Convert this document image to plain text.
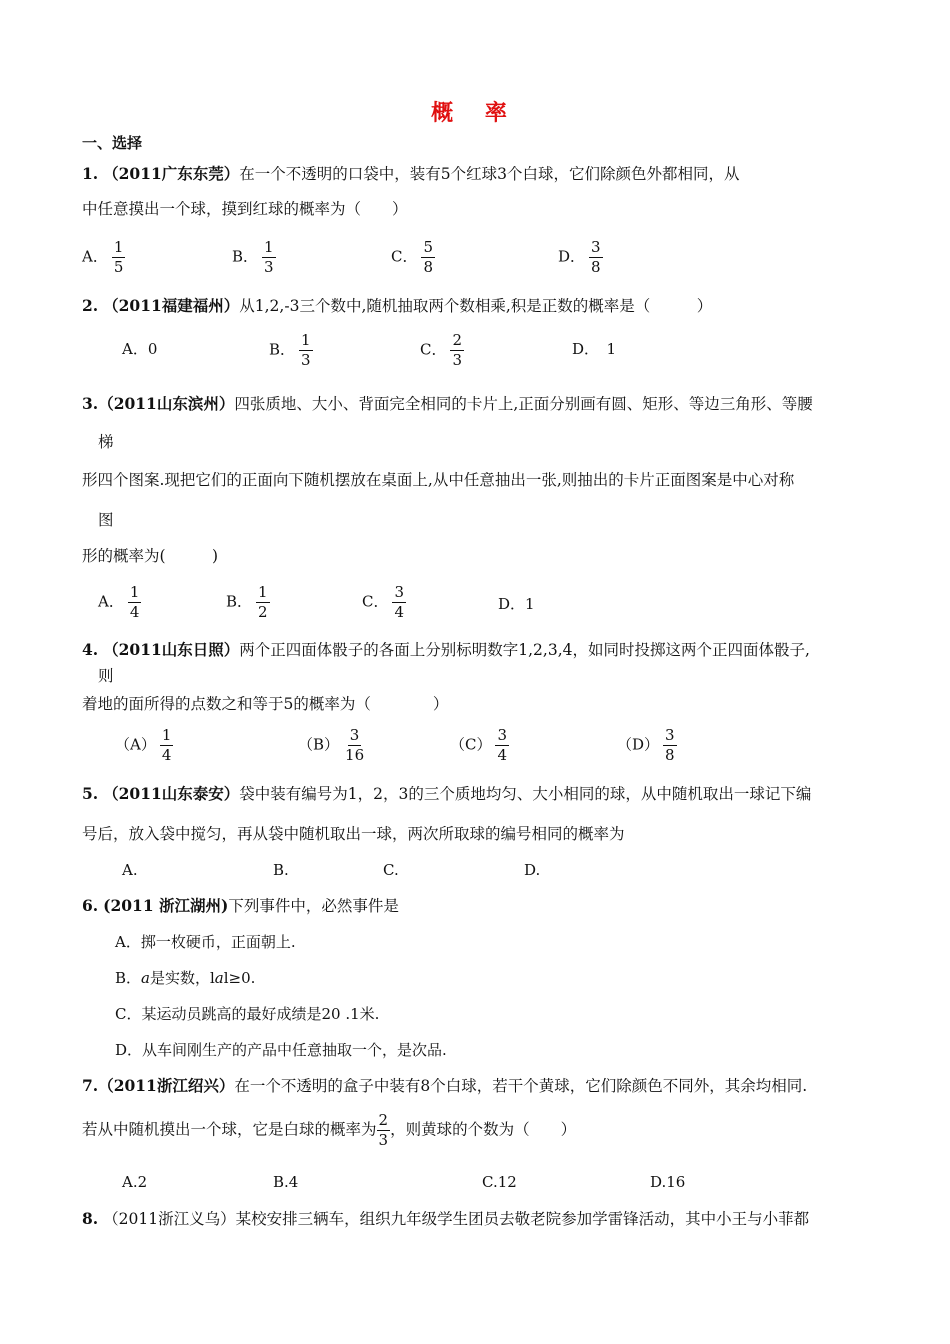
概 率
一、选择
1. （2011广东东莞）在一个不透明的口袋中，装有5个红球3个白球，它们除颜色外都相同，从
中任意摸出一个球，摸到红球的概率为（　　）
A． $\frac{1}{5}$	B． $\frac{1}{3}$	C． $\frac{5}{8}$	D． $\frac{3}{8}$
2. （2011福建福州）从1,2,-3三个数中,随机抽取两个数相乘,积是正数的概率是（　　　）
A．0	B． $\frac{1}{3}$	C． $\frac{2}{3}$	D．　1
3.（2011山东滨州）四张质地、大小、背面完全相同的卡片上,正面分别画有圆、矩形、等边三角形、等腰
梯
形四个图案.现把它们的正面向下随机摆放在桌面上,从中任意抽出一张,则抽出的卡片正面图案是中心对称
图
形的概率为(　　　)
A． $\frac{1}{4}$	B． $\frac{1}{2}$	C． $\frac{3}{4}$	D．1
4. （2011山东日照）两个正四面体骰子的各面上分别标明数字1,2,3,4，如同时投掷这两个正四面体骰子,
则
着地的面所得的点数之和等于5的概率为（　　　　）
$(A) \frac{1}{4}$	$(B) \frac{3}{16}$	$(C) \frac{3}{4}$	$(D) \frac{3}{8}$
5. （2011山东泰安）袋中装有编号为1，2，3的三个质地均匀、大小相同的球，从中随机取出一球记下编
号后，放入袋中搅匀，再从袋中随机取出一球，两次所取球的编号相同的概率为
A.	B.	C.	D.
6. (2011 浙江湖州)下列事件中，必然事件是
A．掷一枚硬币，正面朝上.
B．a是实数，lal≥0.
C．某运动员跳高的最好成绩是20 .1米.
D．从车间刚生产的产品中任意抽取一个，是次品.
7.（2011浙江绍兴）在一个不透明的盒子中装有8个白球，若干个黄球，它们除颜色不同外，其余均相同.
若从中随机摸出一个球，它是白球的概率为 $\frac{2}{3}$ ，则黄球的个数为（　　）
A.2	B.4	C.12	D.16
8. （2011浙江义乌）某校安排三辆车，组织九年级学生团员去敬老院参加学雷锋活动，其中小王与小菲都
